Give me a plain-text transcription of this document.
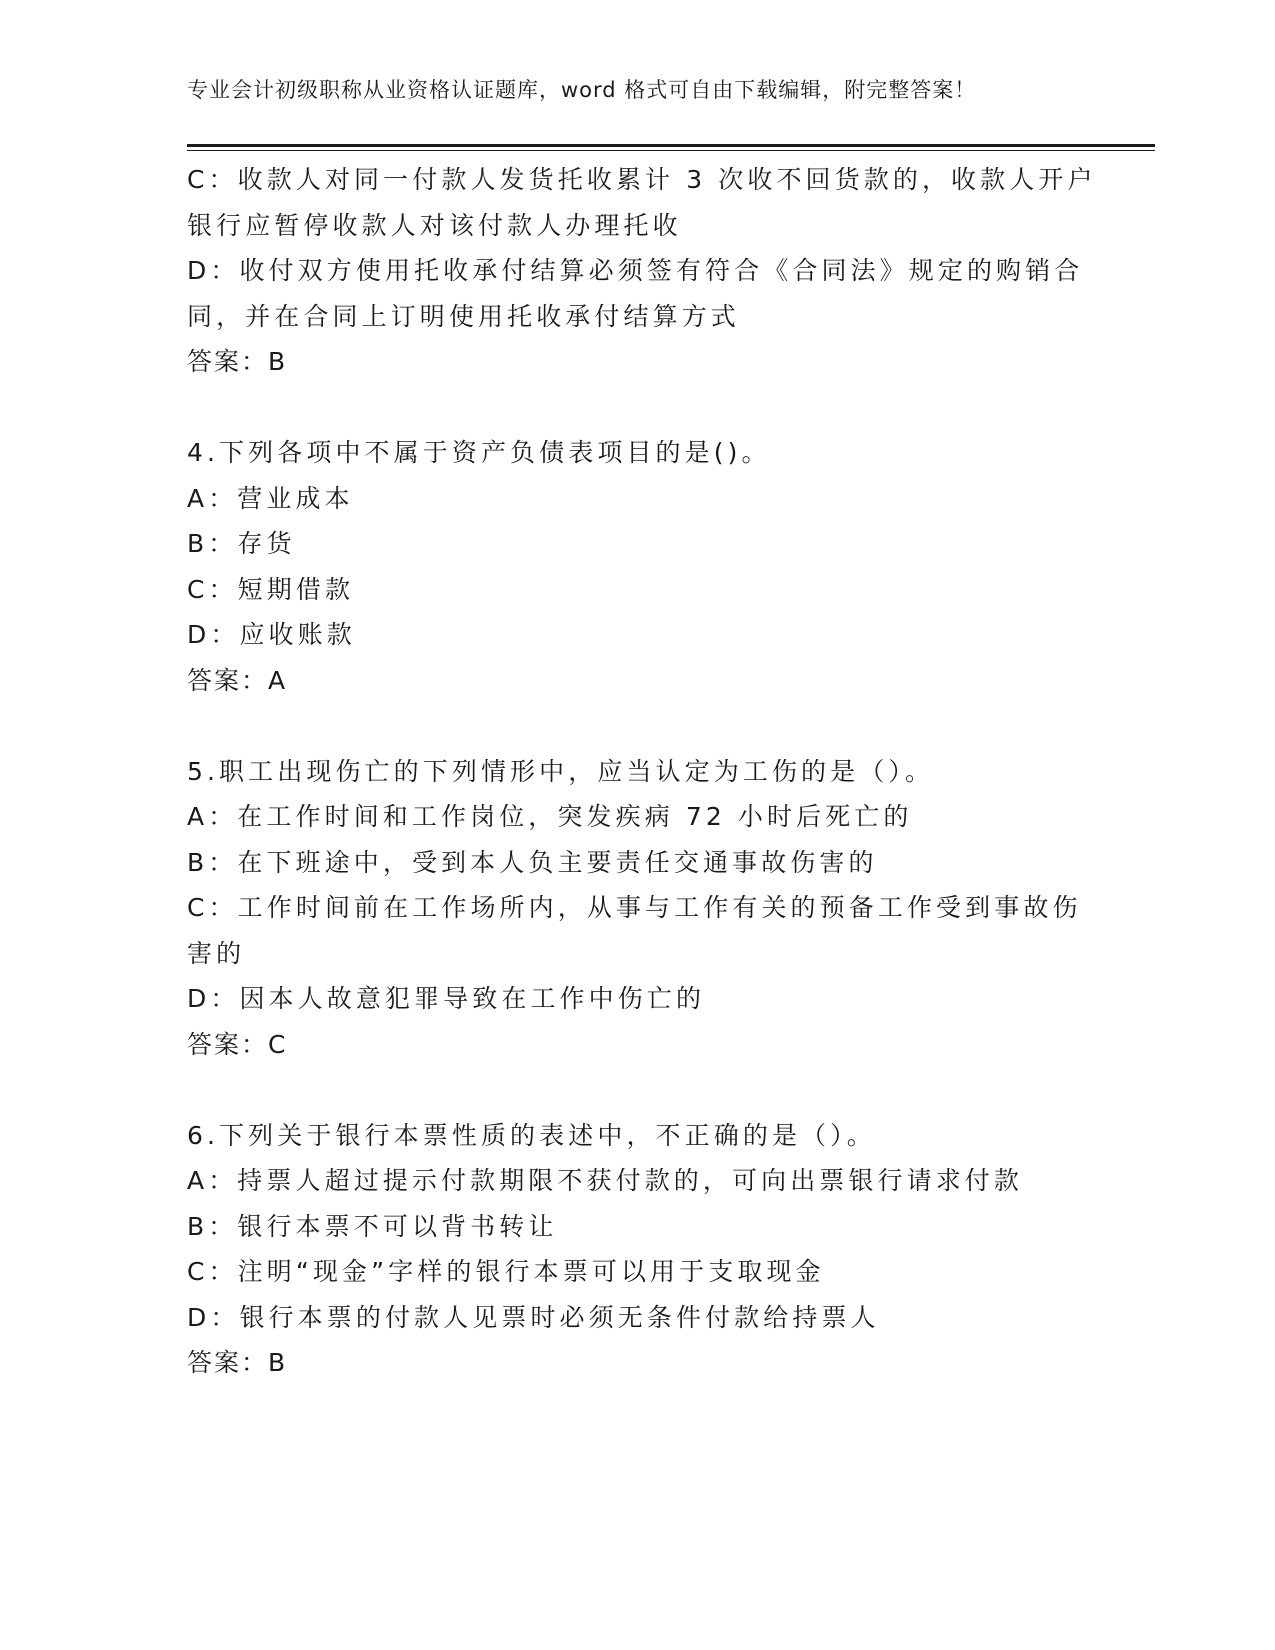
专业会计初级职称从业资格认证题库，word 格式可自由下载编辑，附完整答案！
C：收款人对同一付款人发货托收累计 3 次收不回货款的，收款人开户
银行应暂停收款人对该付款人办理托收
D：收付双方使用托收承付结算必须签有符合《合同法》规定的购销合
同，并在合同上订明使用托收承付结算方式
答案：B
4.下列各项中不属于资产负债表项目的是()。
A：营业成本
B：存货
C：短期借款
D：应收账款
答案：A
5.职工出现伤亡的下列情形中，应当认定为工伤的是（）。
A：在工作时间和工作岗位，突发疾病 72 小时后死亡的
B：在下班途中，受到本人负主要责任交通事故伤害的
C：工作时间前在工作场所内，从事与工作有关的预备工作受到事故伤
害的
D：因本人故意犯罪导致在工作中伤亡的
答案：C
6.下列关于银行本票性质的表述中，不正确的是（）。
A：持票人超过提示付款期限不获付款的，可向出票银行请求付款
B：银行本票不可以背书转让
C：注明“现金”字样的银行本票可以用于支取现金
D：银行本票的付款人见票时必须无条件付款给持票人
答案：B
